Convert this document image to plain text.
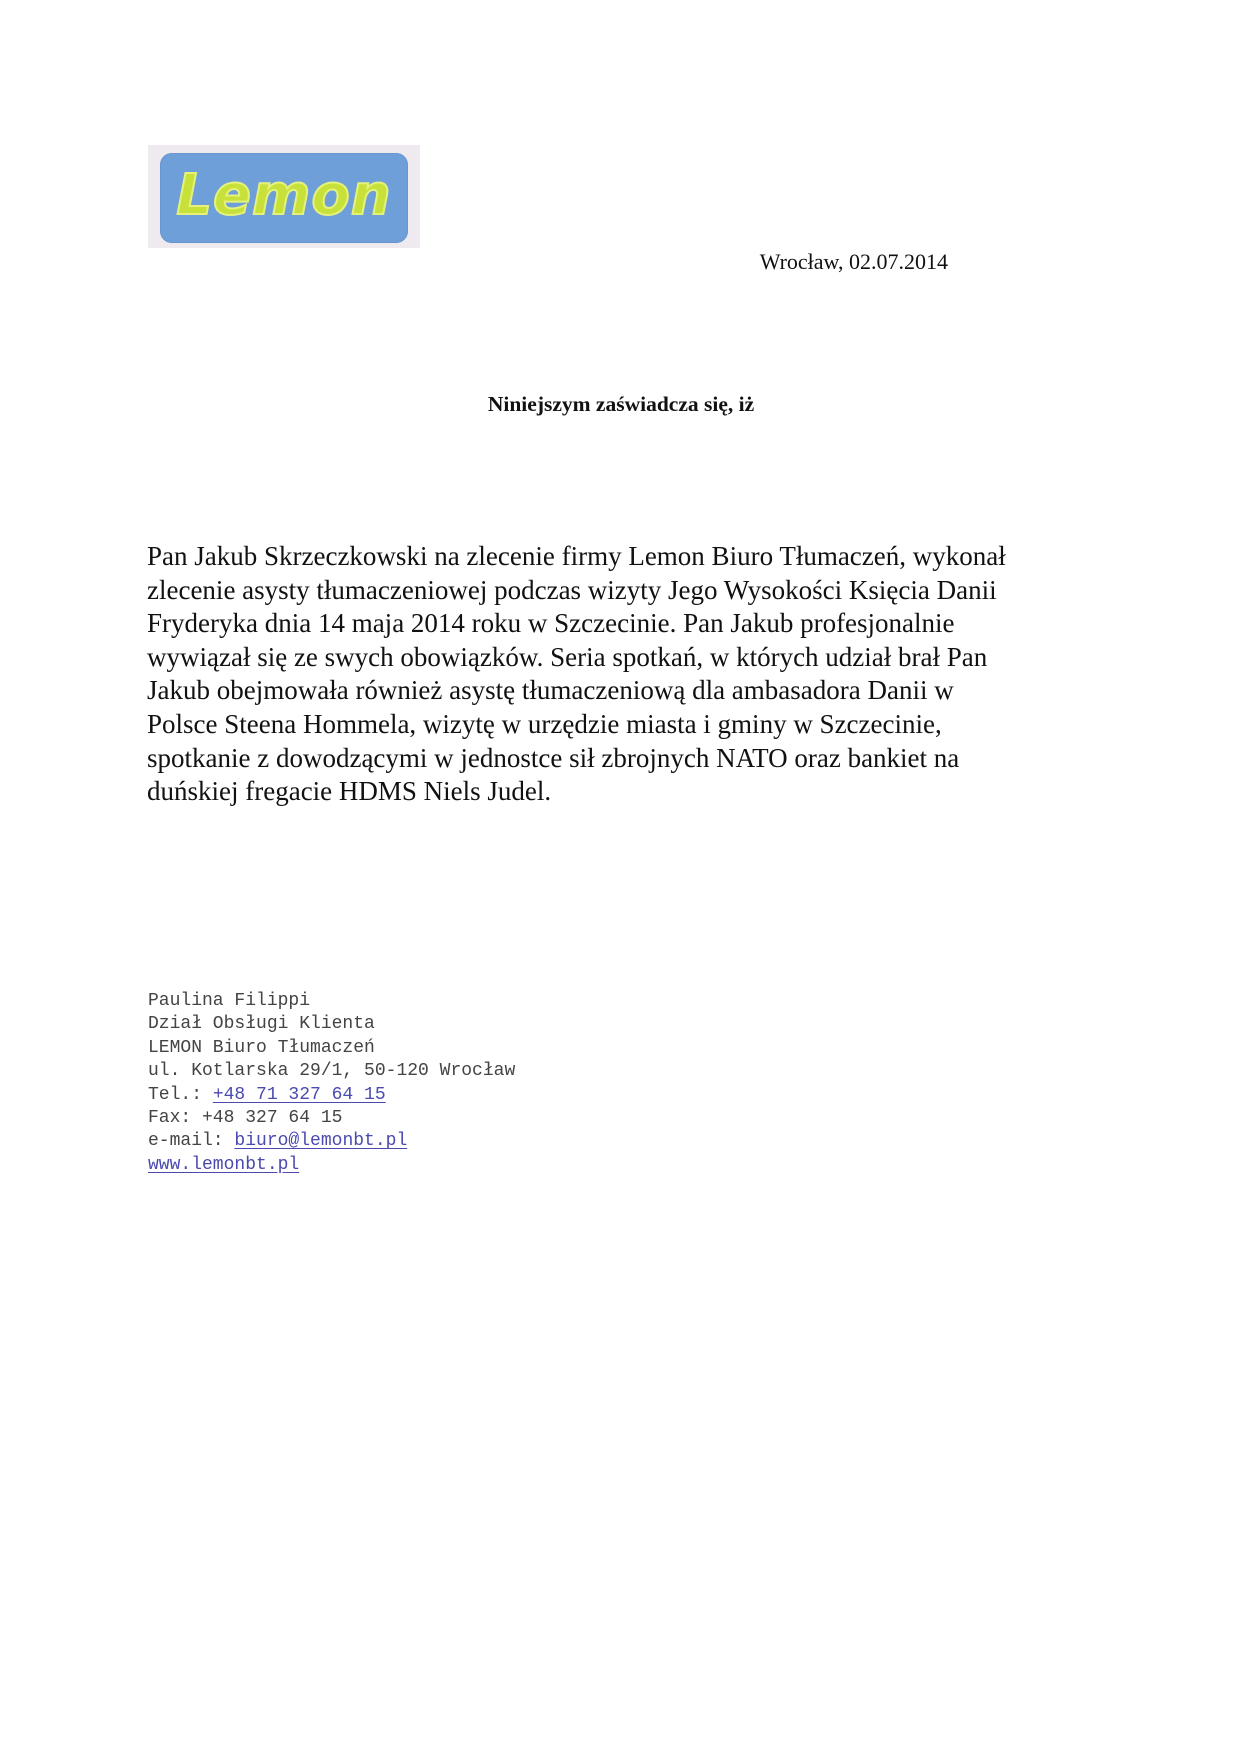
Lemon
Wrocław, 02.07.2014
Niniejszym zaświadcza się, iż
Pan Jakub Skrzeczkowski na zlecenie firmy Lemon Biuro Tłumaczeń, wykonał
zlecenie asysty tłumaczeniowej podczas wizyty Jego Wysokości Księcia Danii
Fryderyka dnia 14 maja 2014 roku w Szczecinie. Pan Jakub profesjonalnie
wywiązał się ze swych obowiązków. Seria spotkań, w których udział brał Pan
Jakub obejmowała również asystę tłumaczeniową dla ambasadora Danii w
Polsce Steena Hommela, wizytę w urzędzie miasta i gminy w Szczecinie,
spotkanie z dowodzącymi w jednostce sił zbrojnych NATO oraz bankiet na
duńskiej fregacie HDMS Niels Judel.
Paulina Filippi
Dział Obsługi Klienta
LEMON Biuro Tłumaczeń
ul. Kotlarska 29/1, 50-120 Wrocław
Tel.: +48 71 327 64 15
Fax: +48 327 64 15
e-mail: biuro@lemonbt.pl
www.lemonbt.pl
